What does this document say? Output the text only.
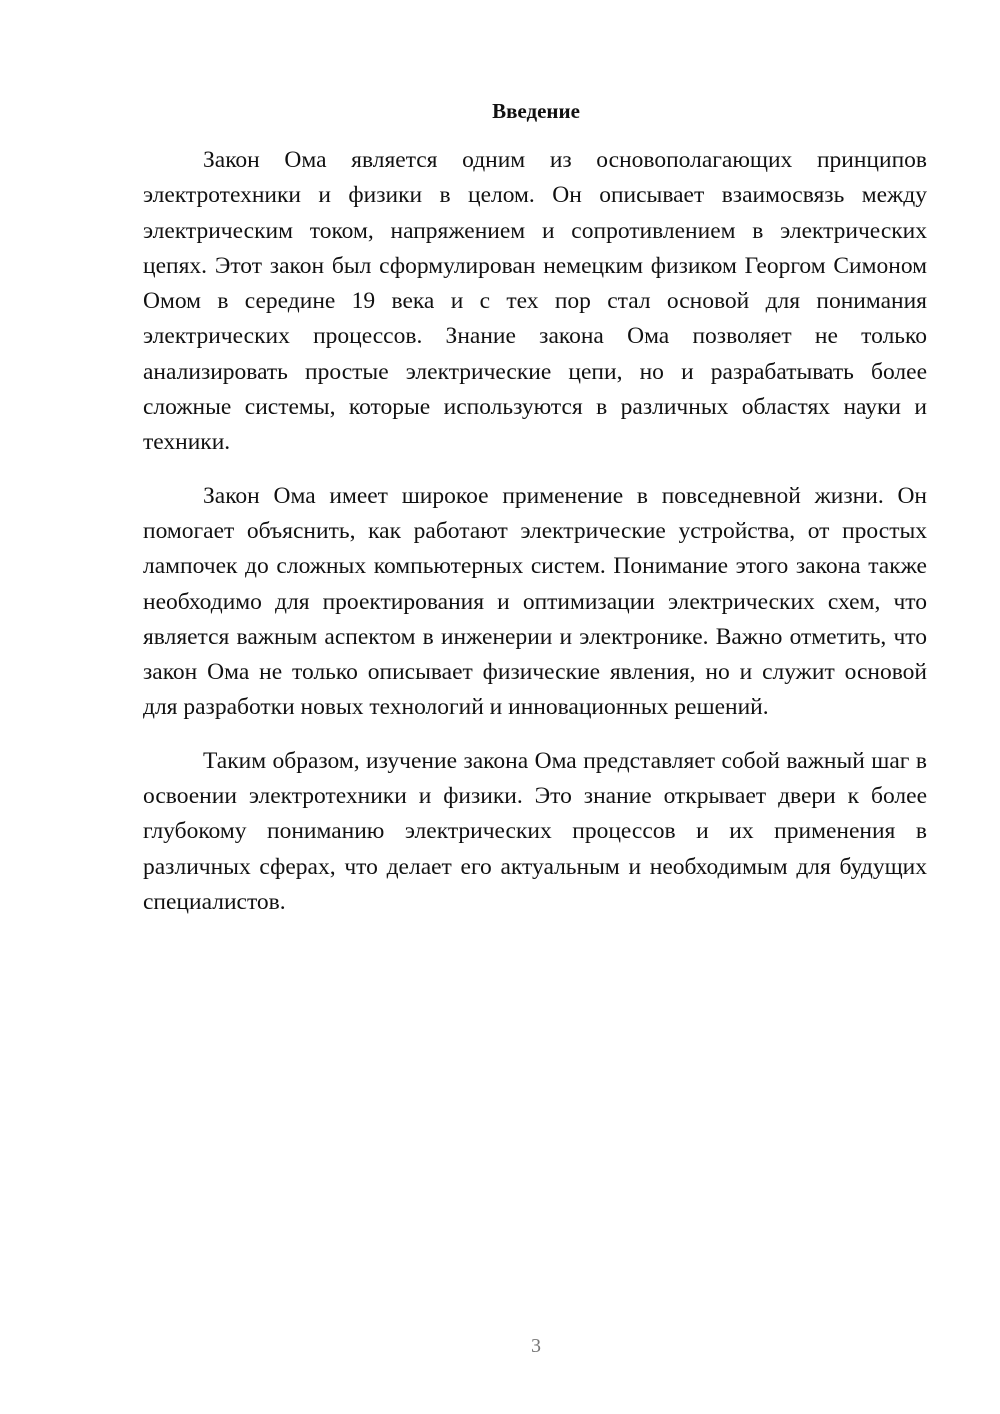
Введение

Закон Ома является одним из основополагающих принципов электротехники и физики в целом. Он описывает взаимосвязь между электрическим током, напряжением и сопротивлением в электрических цепях. Этот закон был сформулирован немецким физиком Георгом Симоном Омом в середине 19 века и с тех пор стал основой для понимания электрических процессов. Знание закона Ома позволяет не только анализировать простые электрические цепи, но и разрабатывать более сложные системы, которые используются в различных областях науки и техники.

Закон Ома имеет широкое применение в повседневной жизни. Он помогает объяснить, как работают электрические устройства, от простых лампочек до сложных компьютерных систем. Понимание этого закона также необходимо для проектирования и оптимизации электрических схем, что является важным аспектом в инженерии и электронике. Важно отметить, что закон Ома не только описывает физические явления, но и служит основой для разработки новых технологий и инновационных решений.

Таким образом, изучение закона Ома представляет собой важный шаг в освоении электротехники и физики. Это знание открывает двери к более глубокому пониманию электрических процессов и их применения в различных сферах, что делает его актуальным и необходимым для будущих специалистов.

3
